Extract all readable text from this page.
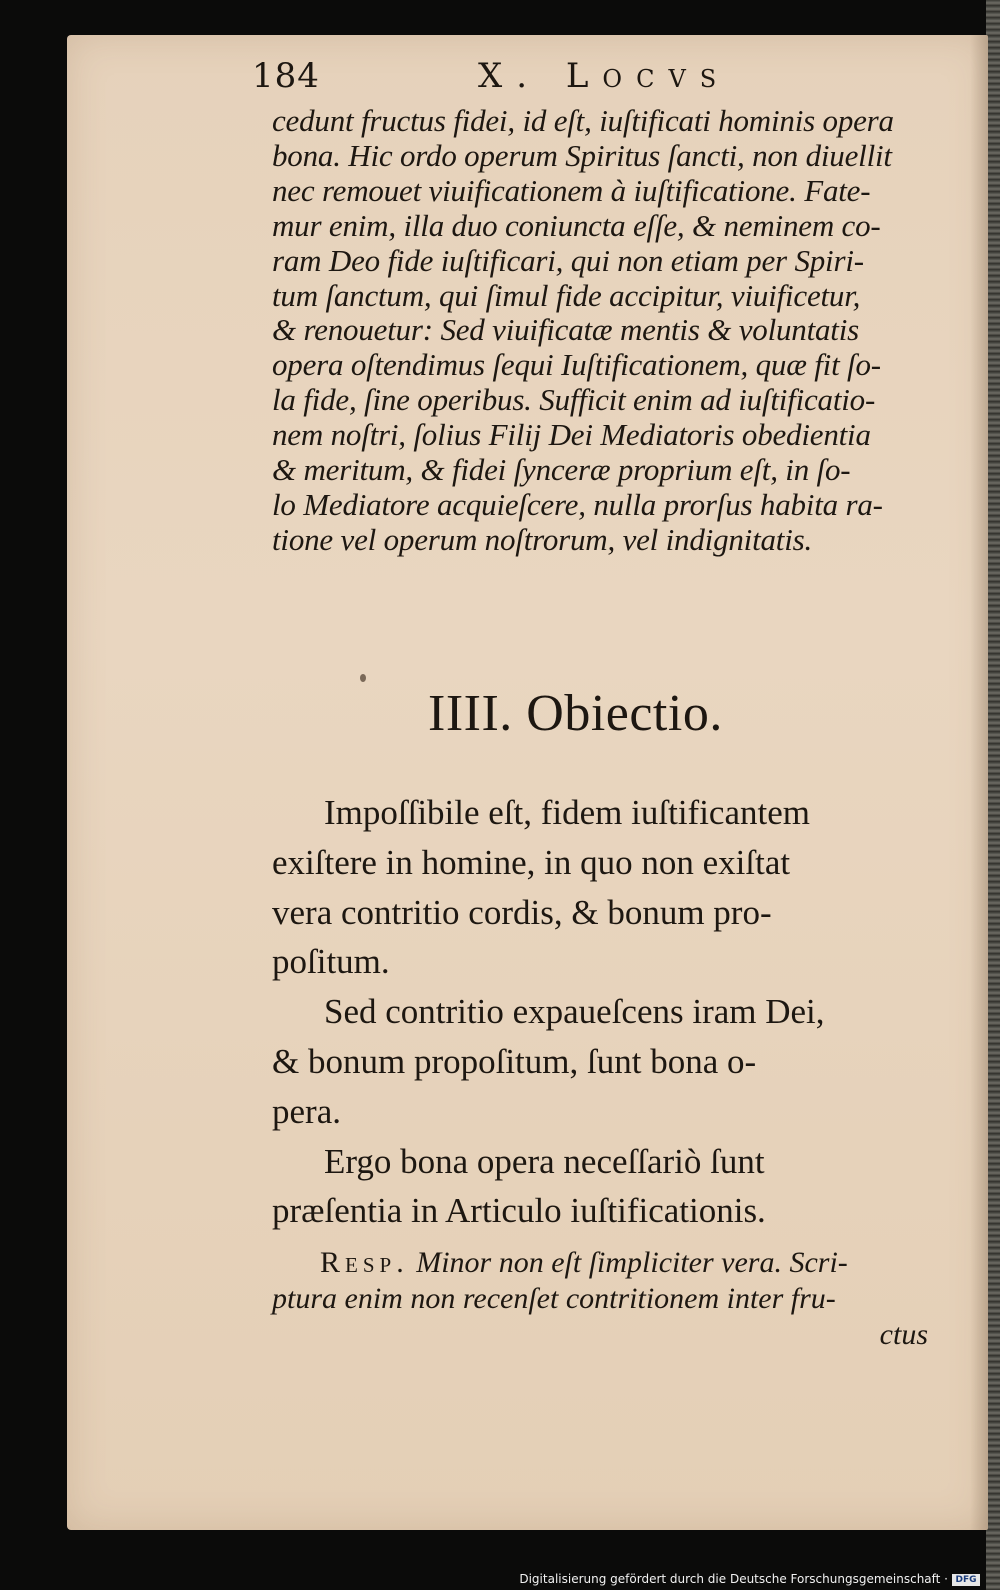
184	X. Locvs
cedunt fructus fidei, id eſt, iuſtificati hominis opera
bona. Hic ordo operum Spiritus ſancti, non diuellit
nec remouet viuificationem à iuſtificatione. Fate-
mur enim, illa duo coniuncta eſſe, & neminem co-
ram Deo fide iuſtificari, qui non etiam per Spiri-
tum ſanctum, qui ſimul fide accipitur, viuificetur,
& renouetur: Sed viuificatæ mentis & voluntatis
opera oſtendimus ſequi Iuſtificationem, quæ fit ſo-
la fide, ſine operibus. Sufficit enim ad iuſtificatio-
nem noſtri, ſolius Filij Dei Mediatoris obedientia
& meritum, & fidei ſynceræ proprium eſt, in ſo-
lo Mediatore acquieſcere, nulla prorſus habita ra-
tione vel operum noſtrorum, vel indignitatis.
IIII. Obiectio.
Impoſſibile eſt, fidem iuſtificantem
exiſtere in homine, in quo non exiſtat
vera contritio cordis, & bonum pro-
poſitum.
Sed contritio expaueſcens iram Dei,
& bonum propoſitum, ſunt bona o-
pera.
Ergo bona opera neceſſariò ſunt
præſentia in Articulo iuſtificationis.
Resp. Minor non eſt ſimpliciter vera. Scri-
ptura enim non recenſet contritionem inter fru-
ctus
Digitalisierung gefördert durch die Deutsche Forschungsgemeinschaft · DFG
